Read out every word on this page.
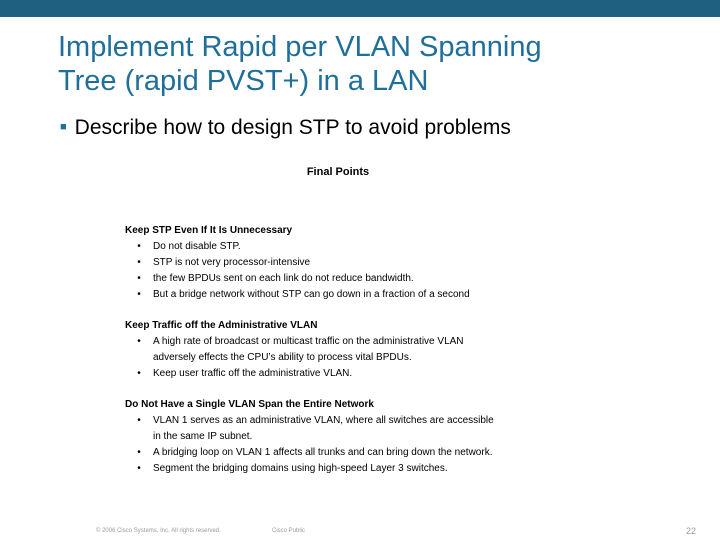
Implement Rapid per VLAN Spanning
Tree (rapid PVST+) in a LAN
■ Describe how to design STP to avoid problems
Final Points
Keep STP Even If It Is Unnecessary
•	Do not disable STP.
•	STP is not very processor-intensive
•	the few BPDUs sent on each link do not reduce bandwidth.
•	But a bridge network without STP can go down in a fraction of a second
Keep Traffic off the Administrative VLAN
•	A high rate of broadcast or multicast traffic on the administrative VLAN
adversely effects the CPU’s ability to process vital BPDUs.
•	Keep user traffic off the administrative VLAN.
Do Not Have a Single VLAN Span the Entire Network
•	VLAN 1 serves as an administrative VLAN, where all switches are accessible
in the same IP subnet.
•	A bridging loop on VLAN 1 affects all trunks and can bring down the network.
•	Segment the bridging domains using high-speed Layer 3 switches.
© 2006 Cisco Systems, Inc. All rights reserved.	Cisco Public	22
